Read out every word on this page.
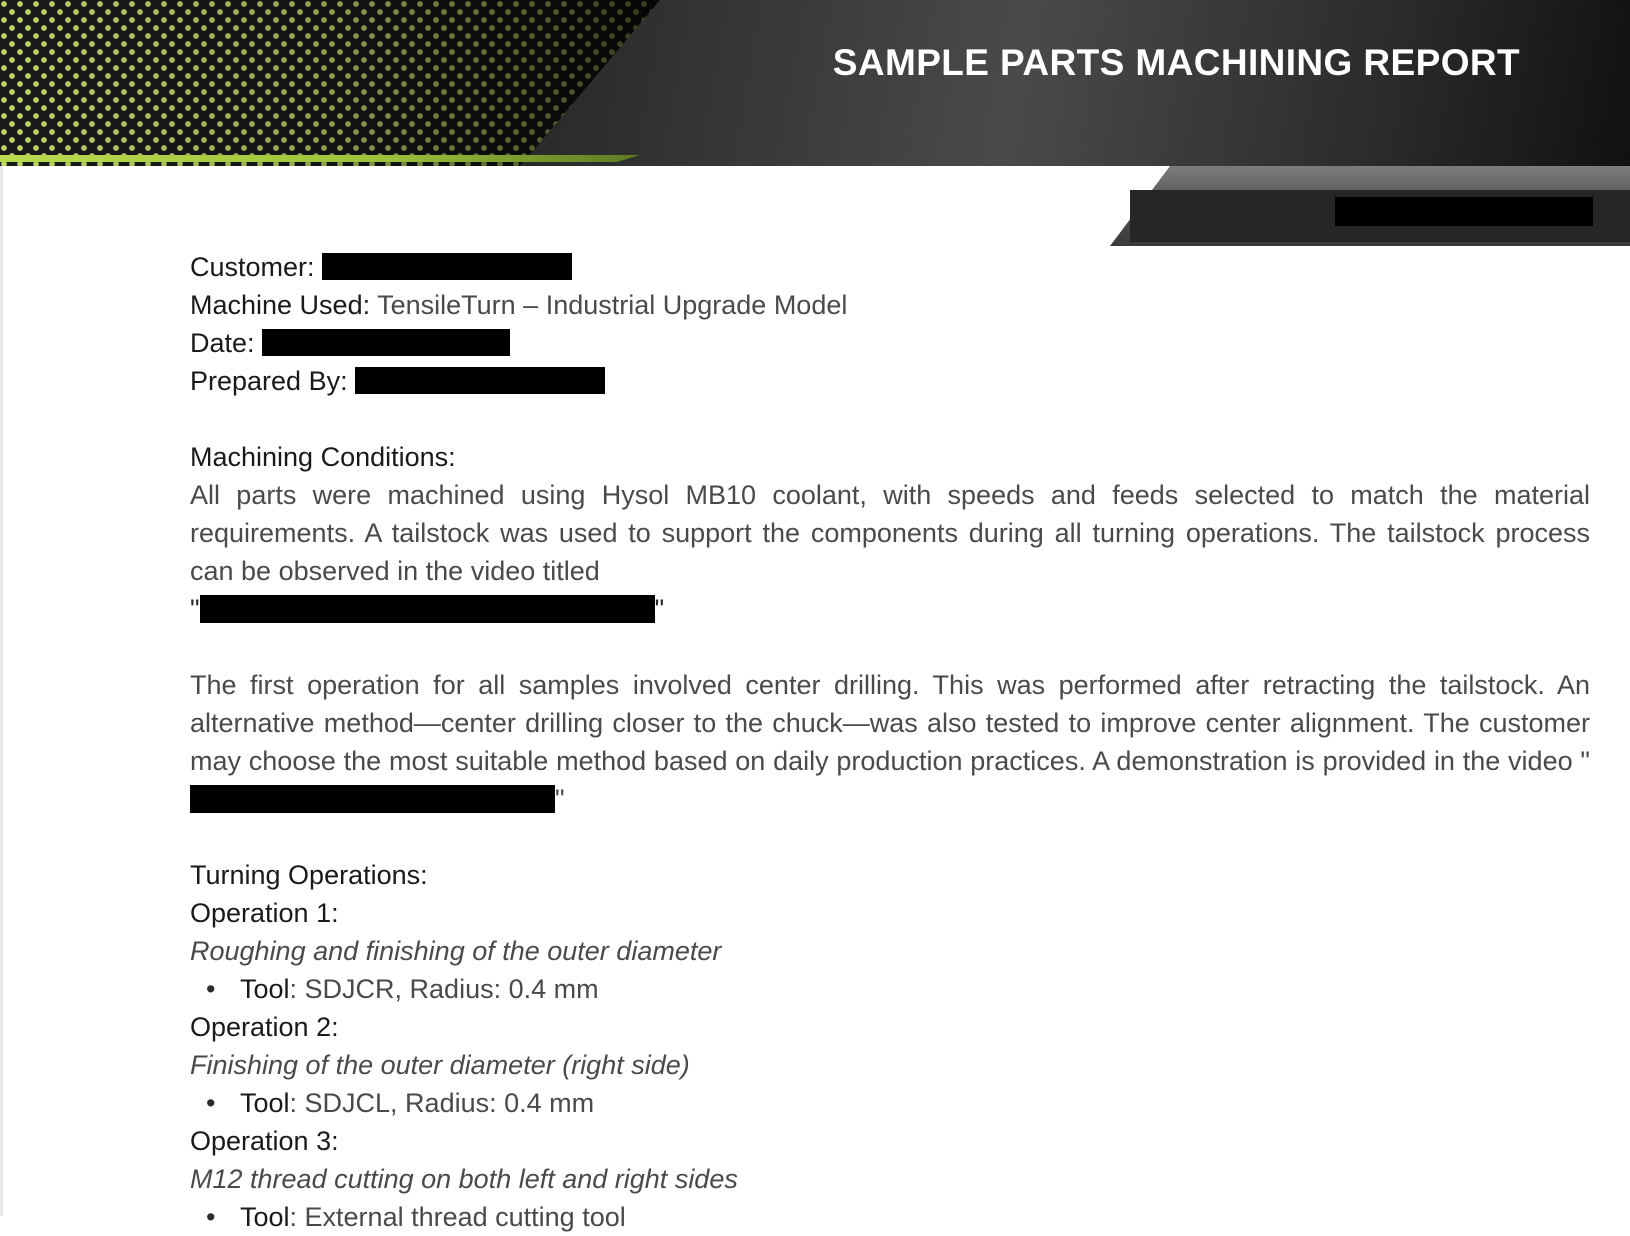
SAMPLE PARTS MACHINING REPORT
Customer:
Machine Used: TensileTurn – Industrial Upgrade Model
Date:
Prepared By:
Machining Conditions:
All parts were machined using Hysol MB10 coolant, with speeds and feeds selected to match the material requirements. A tailstock was used to support the components during all turning operations. The tailstock process can be observed in the video titled
"	"
The first operation for all samples involved center drilling. This was performed after retracting the tailstock. An alternative method—center drilling closer to the chuck—was also tested to improve center alignment. The customer may choose the most suitable method based on daily production practices. A demonstration is provided in the video ""
Turning Operations:
Operation 1:
Roughing and finishing of the outer diameter
• Tool: SDJCR, Radius: 0.4 mm
Operation 2:
Finishing of the outer diameter (right side)
• Tool: SDJCL, Radius: 0.4 mm
Operation 3:
M12 thread cutting on both left and right sides
• Tool: External thread cutting tool
